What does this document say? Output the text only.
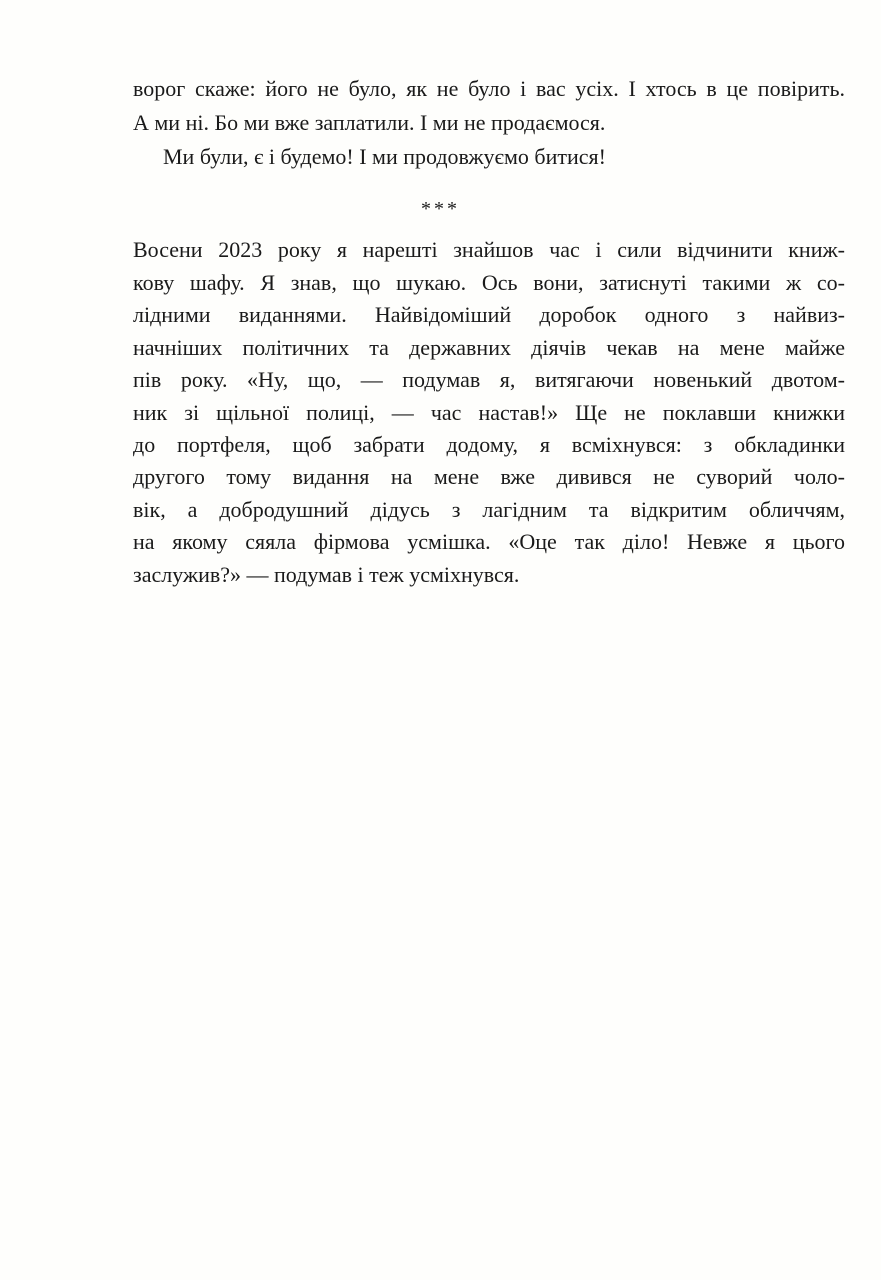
ворог скаже: його не було, як не було і вас усіх. І хтось в це повірить.
А ми ні. Бо ми вже заплатили. І ми не продаємося.
Ми були, є і будемо! І ми продовжуємо битися!
***
Восени 2023 року я нарешті знайшов час і сили відчинити книж-
кову шафу. Я знав, що шукаю. Ось вони, затиснуті такими ж со-
лідними виданнями. Найвідоміший доробок одного з найвиз-
начніших політичних та державних діячів чекав на мене майже
пів року. «Ну, що, — подумав я, витягаючи новенький двотом-
ник зі щільної полиці, — час настав!» Ще не поклавши книжки
до портфеля, щоб забрати додому, я всміхнувся: з обкладинки
другого тому видання на мене вже дивився не суворий чоло-
вік, а добродушний дідусь з лагідним та відкритим обличчям,
на якому сяяла фірмова усмішка. «Оце так діло! Невже я цього
заслужив?» — подумав і теж усміхнувся.
